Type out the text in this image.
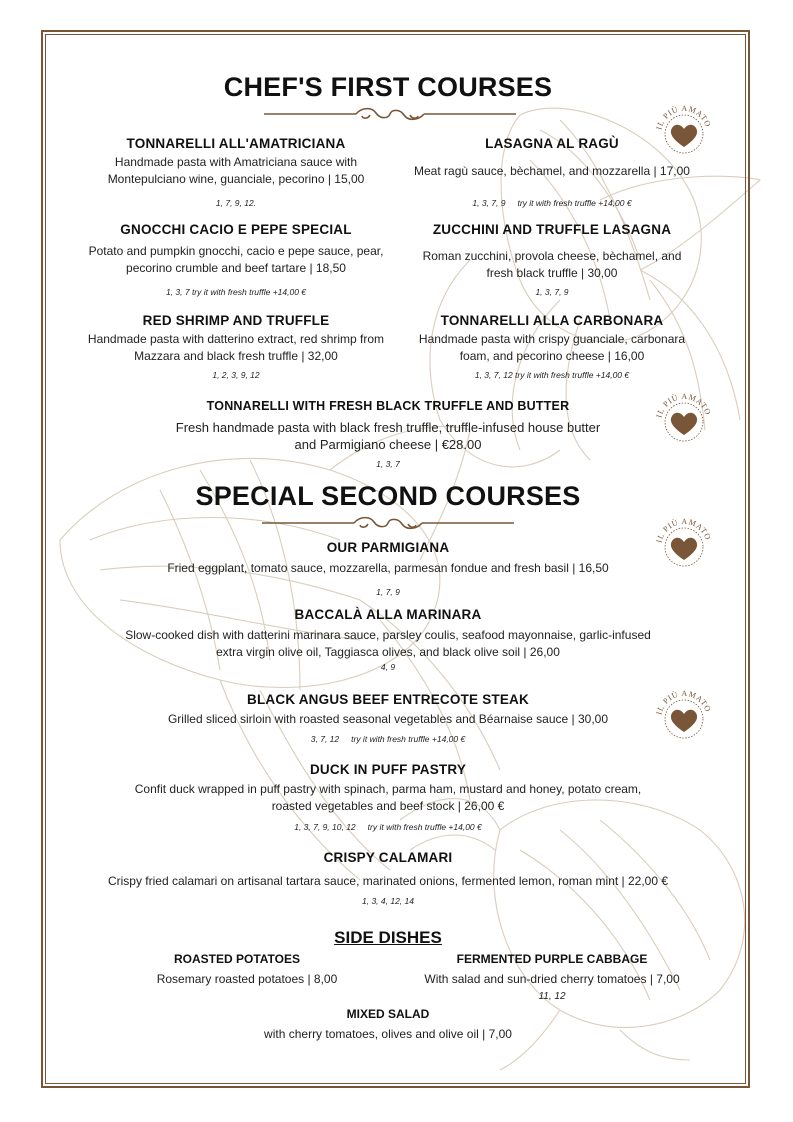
IL PIÙ AMATO
IL PIÙ AMATO
IL PIÙ AMATO
IL PIÙ AMATO
CHEF'S FIRST COURSES
TONNARELLI ALL'AMATRICIANA
Handmade pasta with Amatriciana sauce with
Montepulciano wine, guanciale, pecorino | 15,00
1, 7, 9, 12.
LASAGNA AL RAGÙ
Meat ragù sauce, bèchamel, and mozzarella | 17,00
1, 3, 7, 9 try it with fresh truffle +14,00 €
GNOCCHI CACIO E PEPE SPECIAL
Potato and pumpkin gnocchi, cacio e pepe sauce, pear,
pecorino crumble and beef tartare | 18,50
1, 3, 7 try it with fresh truffle +14,00 €
ZUCCHINI AND TRUFFLE LASAGNA
Roman zucchini, provola cheese, bèchamel, and
fresh black truffle | 30,00
1, 3, 7, 9
RED SHRIMP AND TRUFFLE
Handmade pasta with datterino extract, red shrimp from
Mazzara and black fresh truffle | 32,00
1, 2, 3, 9, 12
TONNARELLI ALLA CARBONARA
Handmade pasta with crispy guanciale, carbonara
foam, and pecorino cheese | 16,00
1, 3, 7, 12 try it with fresh truffle +14,00 €
TONNARELLI WITH FRESH BLACK TRUFFLE AND BUTTER
Fresh handmade pasta with black fresh truffle, truffle-infused house butter
and Parmigiano cheese | €28.00
1, 3, 7
SPECIAL SECOND COURSES
OUR PARMIGIANA
Fried eggplant, tomato sauce, mozzarella, parmesan fondue and fresh basil | 16,50
1, 7, 9
BACCALÀ ALLA MARINARA
Slow-cooked dish with datterini marinara sauce, parsley coulis, seafood mayonnaise, garlic-infused
extra virgin olive oil, Taggiasca olives, and black olive soil | 26,00
4, 9
BLACK ANGUS BEEF ENTRECOTE STEAK
Grilled sliced sirloin with roasted seasonal vegetables and Béarnaise sauce | 30,00
3, 7, 12 try it with fresh truffle +14,00 €
DUCK IN PUFF PASTRY
Confit duck wrapped in puff pastry with spinach, parma ham, mustard and honey, potato cream,
roasted vegetables and beef stock | 26,00 €
1, 3, 7, 9, 10, 12 try it with fresh truffle +14,00 €
CRISPY CALAMARI
Crispy fried calamari on artisanal tartara sauce, marinated onions, fermented lemon, roman mint | 22,00 €
1, 3, 4, 12, 14
SIDE DISHES
ROASTED POTATOES
Rosemary roasted potatoes | 8,00
FERMENTED PURPLE CABBAGE
With salad and sun-dried cherry tomatoes | 7,00
11, 12
MIXED SALAD
with cherry tomatoes, olives and olive oil | 7,00
